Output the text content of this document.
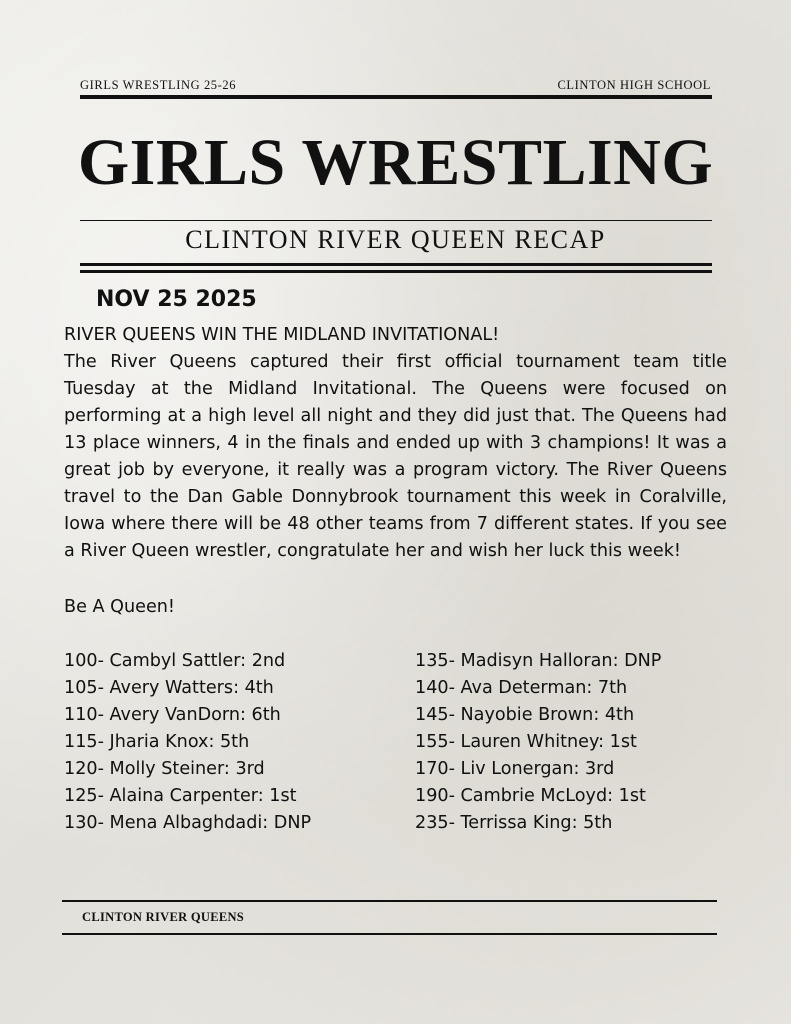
GIRLS WRESTLING 25-26	CLINTON HIGH SCHOOL
GIRLS WRESTLING
CLINTON RIVER QUEEN RECAP
NOV 25 2025
RIVER QUEENS WIN THE MIDLAND INVITATIONAL!
The River Queens captured their first official tournament team title Tuesday at the Midland Invitational. The Queens were focused on performing at a high level all night and they did just that. The Queens had 13 place winners, 4 in the finals and ended up with 3 champions! It was a great job by everyone, it really was a program victory. The River Queens travel to the Dan Gable Donnybrook tournament this week in Coralville, Iowa where there will be 48 other teams from 7 different states. If you see a River Queen wrestler, congratulate her and wish her luck this week!
Be A Queen!
100- Cambyl Sattler: 2nd
105- Avery Watters: 4th
110- Avery VanDorn: 6th
115- Jharia Knox: 5th
120- Molly Steiner: 3rd
125- Alaina Carpenter: 1st
130- Mena Albaghdadi: DNP
135- Madisyn Halloran: DNP
140- Ava Determan: 7th
145- Nayobie Brown: 4th
155- Lauren Whitney: 1st
170- Liv Lonergan: 3rd
190- Cambrie McLoyd: 1st
235- Terrissa King: 5th
CLINTON RIVER QUEENS
